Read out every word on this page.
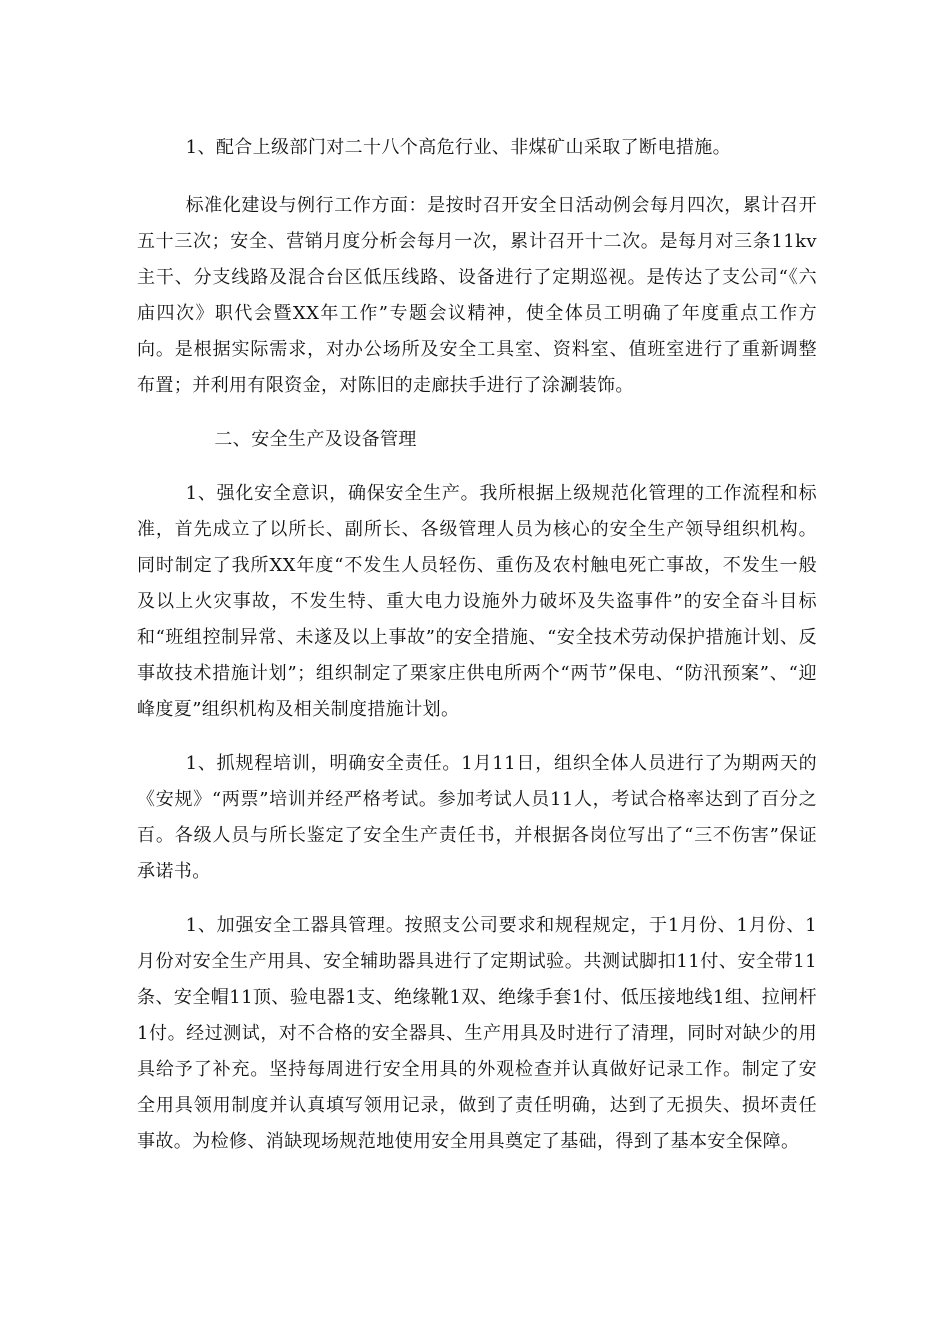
1、配合上级部门对二十八个高危行业、非煤矿山采取了断电措施。

标准化建设与例行工作方面：是按时召开安全日活动例会每月四次，累计召开五十三次；安全、营销月度分析会每月一次，累计召开十二次。是每月对三条11kv主干、分支线路及混合台区低压线路、设备进行了定期巡视。是传达了支公司“《六庙四次》职代会暨XX年工作”专题会议精神，使全体员工明确了年度重点工作方向。是根据实际需求，对办公场所及安全工具室、资料室、值班室进行了重新调整布置；并利用有限资金，对陈旧的走廊扶手进行了涂涮装饰。

二、安全生产及设备管理

1、强化安全意识，确保安全生产。我所根据上级规范化管理的工作流程和标准，首先成立了以所长、副所长、各级管理人员为核心的安全生产领导组织机构。同时制定了我所XX年度“不发生人员轻伤、重伤及农村触电死亡事故，不发生一般及以上火灾事故，不发生特、重大电力设施外力破坏及失盗事件”的安全奋斗目标和“班组控制异常、未遂及以上事故”的安全措施、“安全技术劳动保护措施计划、反事故技术措施计划”；组织制定了栗家庄供电所两个“两节”保电、“防汛预案”、“迎峰度夏”组织机构及相关制度措施计划。

1、抓规程培训，明确安全责任。1月11日，组织全体人员进行了为期两天的《安规》“两票”培训并经严格考试。参加考试人员11人，考试合格率达到了百分之百。各级人员与所长鉴定了安全生产责任书，并根据各岗位写出了“三不伤害”保证承诺书。

1、加强安全工器具管理。按照支公司要求和规程规定，于1月份、1月份、1月份对安全生产用具、安全辅助器具进行了定期试验。共测试脚扣11付、安全带11条、安全帽11顶、验电器1支、绝缘靴1双、绝缘手套1付、低压接地线1组、拉闸杆1付。经过测试，对不合格的安全器具、生产用具及时进行了清理，同时对缺少的用具给予了补充。坚持每周进行安全用具的外观检查并认真做好记录工作。制定了安全用具领用制度并认真填写领用记录，做到了责任明确，达到了无损失、损坏责任事故。为检修、消缺现场规范地使用安全用具奠定了基础，得到了基本安全保障。
